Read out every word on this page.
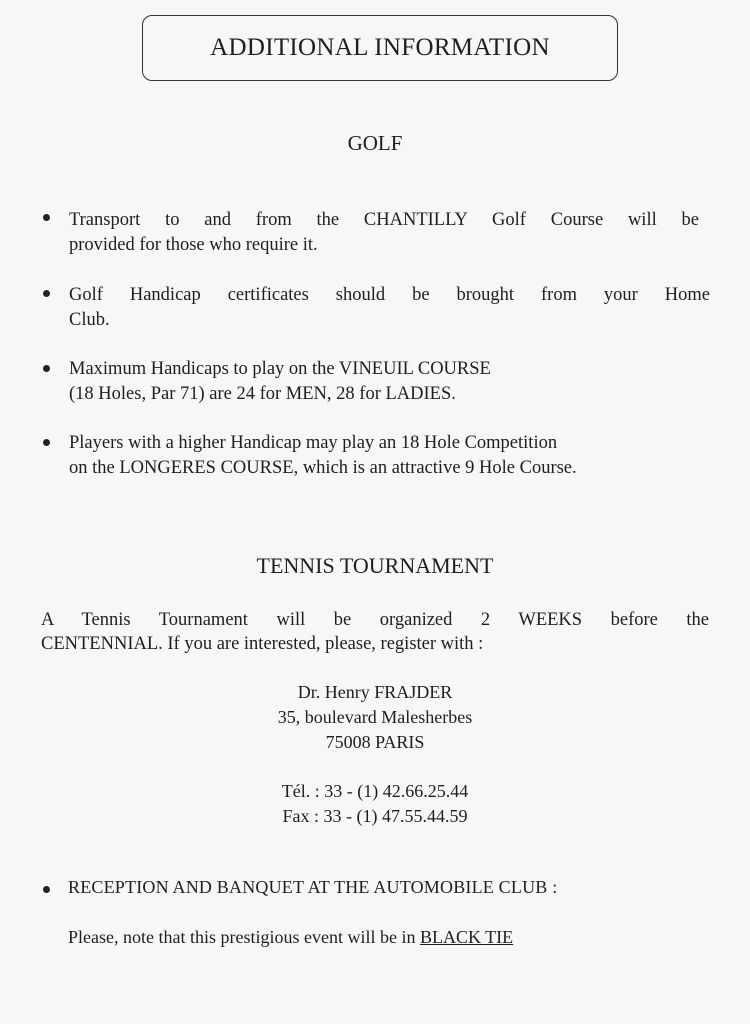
ADDITIONAL INFORMATION
GOLF
Transport to and from the CHANTILLY Golf Course will be
provided for those who require it.
Golf Handicap certificates should be brought from your Home
Club.
Maximum Handicaps to play on the VINEUIL COURSE
(18 Holes, Par 71) are 24 for MEN, 28 for LADIES.
Players with a higher Handicap may play an 18 Hole Competition
on the LONGERES COURSE, which is an attractive 9 Hole Course.
TENNIS TOURNAMENT
A Tennis Tournament will be organized 2 WEEKS before the
CENTENNIAL. If you are interested, please, register with :
Dr. Henry FRAJDER
35, boulevard Malesherbes
75008 PARIS
Tél. : 33 - (1) 42.66.25.44
Fax : 33 - (1) 47.55.44.59
RECEPTION AND BANQUET AT THE AUTOMOBILE CLUB :
Please, note that this prestigious event will be in BLACK TIE
